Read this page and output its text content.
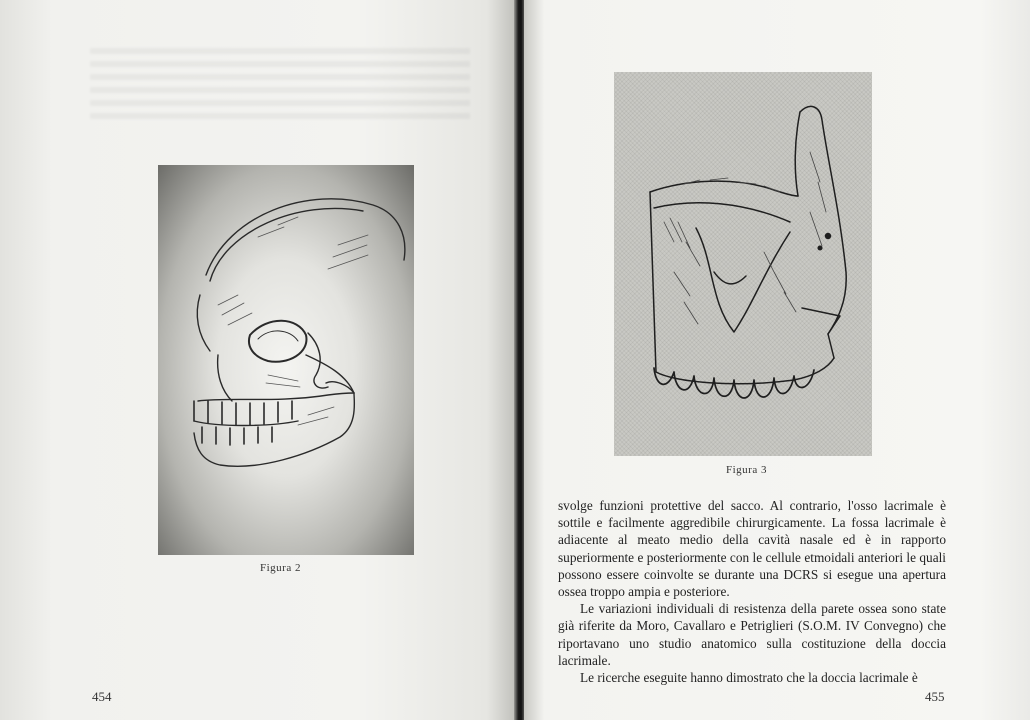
Figura 2
454
Figura 3

svolge funzioni protettive del sacco. Al contrario, l'osso lacrimale è sottile e facilmente aggredibile chirurgicamente. La fossa lacrimale è adiacente al meato medio della cavità nasale ed è in rapporto superiormente e posteriormente con le cellule etmoidali anteriori le quali possono essere coinvolte se durante una DCRS si esegue una apertura ossea troppo ampia e posteriore.

Le variazioni individuali di resistenza della parete ossea sono state già riferite da Moro, Cavallaro e Petriglieri (S.O.M. IV Convegno) che riportavano uno studio anatomico sulla costituzione della doccia lacrimale.

Le ricerche eseguite hanno dimostrato che la doccia lacrimale è

455
